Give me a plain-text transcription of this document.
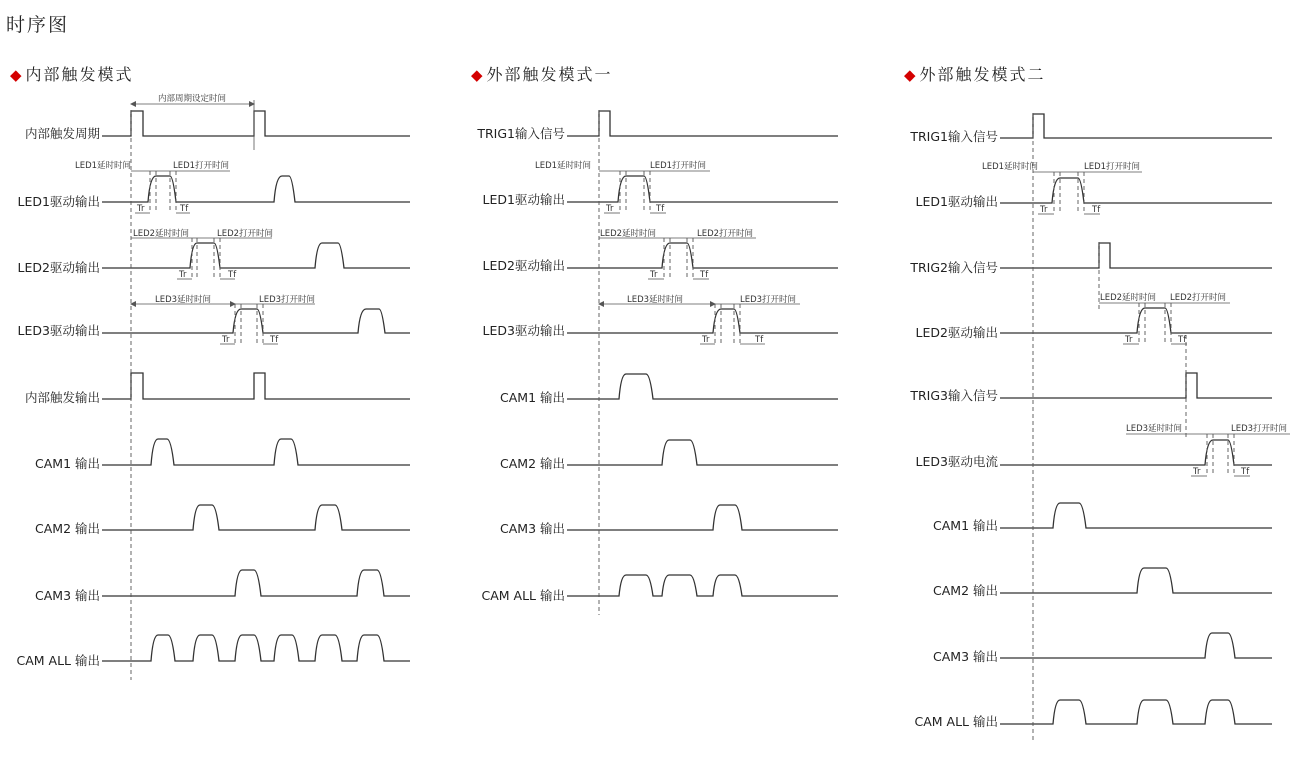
时序图
◆ 内部触发模式	◆ 外部触发模式一	◆ 外部触发模式二
内部触发周期
LED1驱动输出
LED2驱动输出
LED3驱动输出
内部触发输出
CAM1 输出
CAM2 输出
CAM3 输出
CAM ALL 输出
内部周期设定时间
LED1延时时间	LED1打开时间
Tr	Tf
LED2延时时间	LED2打开时间
Tr	Tf
LED3延时时间	LED3打开时间
Tr	Tf
TRIG1输入信号
LED1驱动输出
LED2驱动输出
LED3驱动输出
CAM1 输出
CAM2 输出
CAM3 输出
CAM ALL 输出
LED1延时时间	LED1打开时间
Tr	Tf
LED2延时时间	LED2打开时间
Tr	Tf
LED3延时时间	LED3打开时间
Tr	Tf
TRIG1输入信号
LED1驱动输出
TRIG2输入信号
LED2驱动输出
TRIG3输入信号
LED3驱动电流
CAM1 输出
CAM2 输出
CAM3 输出
CAM ALL 输出
LED1延时时间	LED1打开时间
Tr	Tf
LED2延时时间 LED2打开时间
Tr	Tf
LED3延时时间	LED3打开时间
Tr	Tf
